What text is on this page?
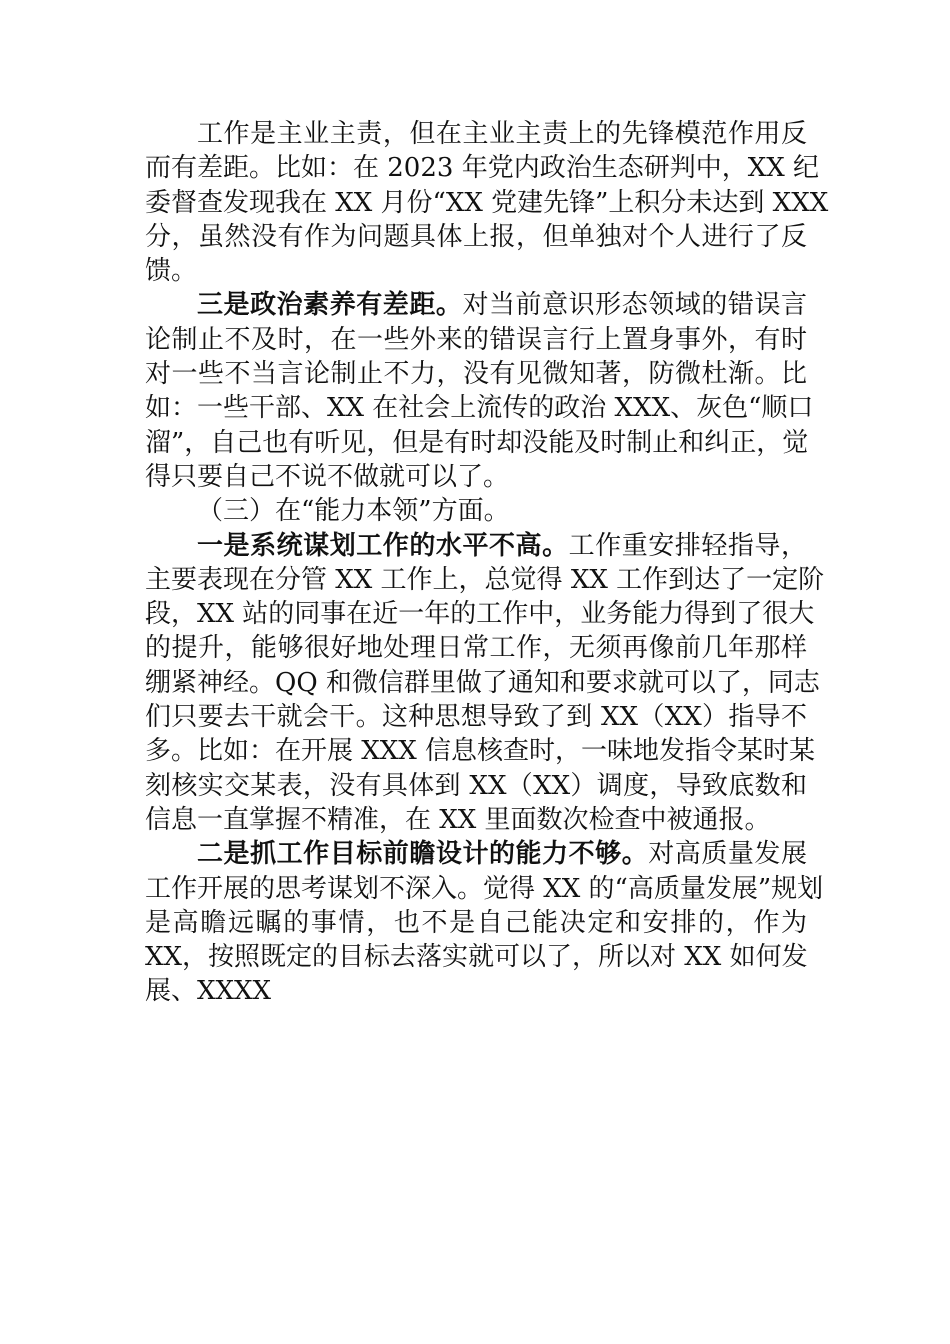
工作是主业主责，但在主业主责上的先锋模范作用反
而有差距。比如：在 2023 年党内政治生态研判中，XX 纪
委督查发现我在 XX 月份“XX 党建先锋”上积分未达到 XXX
分，虽然没有作为问题具体上报，但单独对个人进行了反
馈。
三是政治素养有差距。对当前意识形态领域的错误言
论制止不及时，在一些外来的错误言行上置身事外，有时
对一些不当言论制止不力，没有见微知著，防微杜渐。比
如：一些干部、XX 在社会上流传的政治 XXX、灰色“顺口
溜”，自己也有听见，但是有时却没能及时制止和纠正，觉
得只要自己不说不做就可以了。
（三）在“能力本领”方面。
一是系统谋划工作的水平不高。工作重安排轻指导，
主要表现在分管 XX 工作上，总觉得 XX 工作到达了一定阶
段，XX 站的同事在近一年的工作中，业务能力得到了很大
的提升，能够很好地处理日常工作，无须再像前几年那样
绷紧神经。QQ 和微信群里做了通知和要求就可以了，同志
们只要去干就会干。这种思想导致了到 XX（XX）指导不
多。比如：在开展 XXX 信息核查时，一味地发指令某时某
刻核实交某表，没有具体到 XX（XX）调度，导致底数和
信息一直掌握不精准，在 XX 里面数次检查中被通报。
二是抓工作目标前瞻设计的能力不够。对高质量发展
工作开展的思考谋划不深入。觉得 XX 的“高质量发展”规划
是高瞻远瞩的事情，也不是自己能决定和安排的，作为
XX，按照既定的目标去落实就可以了，所以对 XX 如何发
展、XXXX
